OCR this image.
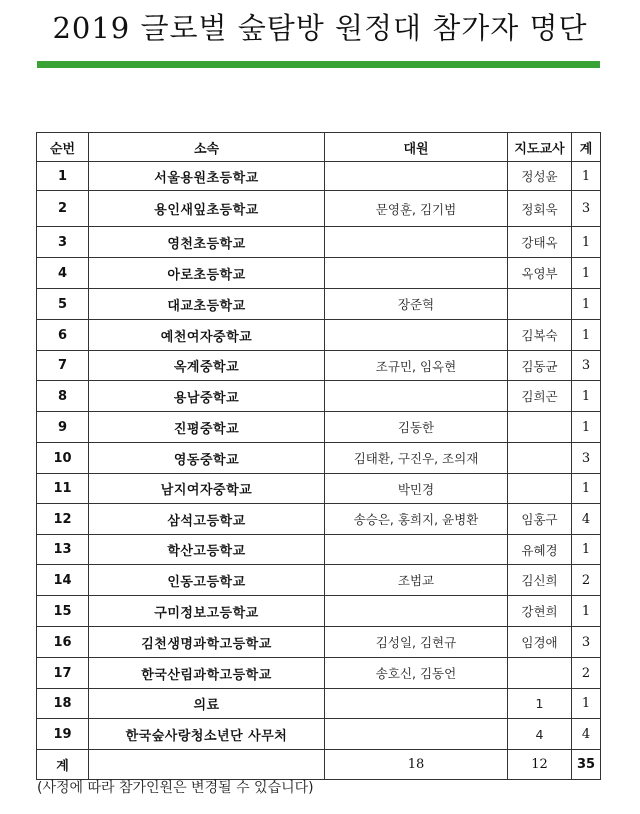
2019 글로벌 숲탐방 원정대 참가자 명단
순번	소속	대원	지도교사	계
1	서울용원초등학교		정성윤	1
2	용인새잎초등학교	문영훈, 김기범	정회욱	3
3	영천초등학교		강태옥	1
4	아로초등학교		옥영부	1
5	대교초등학교	장준혁		1
6	예천여자중학교		김복숙	1
7	옥계중학교	조규민, 임옥현	김동균	3
8	용남중학교		김희곤	1
9	진평중학교	김동한		1
10	영동중학교	김태환, 구진우, 조의재		3
11	남지여자중학교	박민경		1
12	삼석고등학교	송승은, 홍희지, 윤병환	임홍구	4
13	학산고등학교		유혜경	1
14	인동고등학교	조범교	김신희	2
15	구미정보고등학교		강현희	1
16	김천생명과학고등학교	김성일, 김현규	임경애	3
17	한국산림과학고등학교	송호신, 김동언		2
18	의료		1	1
19	한국숲사랑청소년단 사무처		4	4
계		18	12	35
(사정에 따라 참가인원은 변경될 수 있습니다)
